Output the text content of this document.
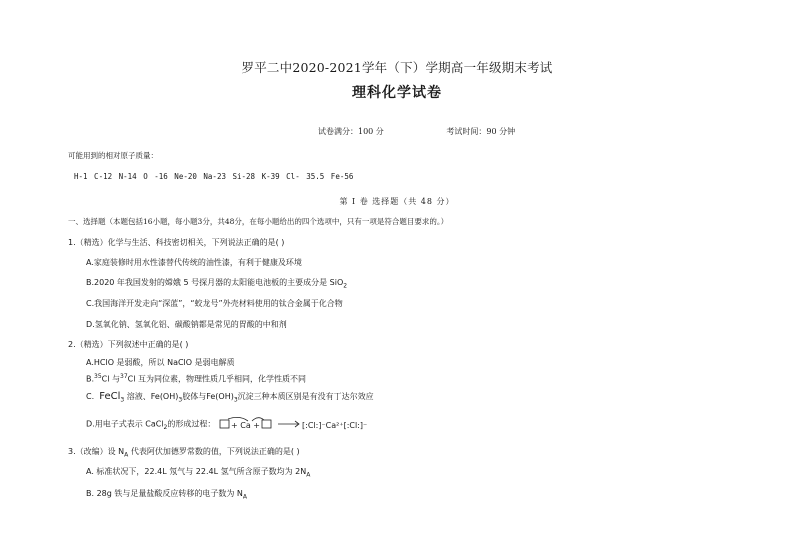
罗平二中2020-2021学年（下）学期高一年级期末考试
理科化学试卷
试卷满分：100 分	考试时间：90 分钟
可能用到的相对原子质量：
H-1 C-12 N-14 O -16 Ne-20 Na-23 Si-28 K-39 Cl- 35.5 Fe-56
第 Ⅰ 卷 选择题（共 48 分）
一、选择题（本题包括16小题，每小题3分，共48分，在每小题给出的四个选项中，只有一项是符合题目要求的。）
1.（精选）化学与生活、科技密切相关，下列说法正确的是( )
A.家庭装修时用水性漆替代传统的油性漆，有利于健康及环境
B.2020 年我国发射的嫦娥 5 号探月器的太阳能电池板的主要成分是 SiO$_2$
C.我国海洋开发走向“深蓝”，“蛟龙号”外壳材料使用的钛合金属于化合物
D.氢氧化钠、氢氧化铝、碳酸钠都是常见的胃酸的中和剂
2.（精选）下列叙述中正确的是( )
A.HClO 是弱酸，所以 NaClO 是弱电解质
B.$^{35}$Cl 与$^{37}$Cl 互为同位素，物理性质几乎相同，化学性质不同
C. FeCl$_3$ 溶液、$Fe(OH)_3$胶体与$Fe(OH)_3$沉淀三种本质区别是有没有丁达尔效应
D.用电子式表示 CaCl$_2$的形成过程： + Ca +	[:Cl:]⁻Ca²⁺[:Cl:]⁻
3.（改编）设 $N_A$ 代表阿伏加德罗常数的值，下列说法正确的是( )
A. 标准状况下，22.4L 氖气与 22.4L 氢气所含原子数均为 $2N_A$
B. 28g 铁与足量盐酸反应转移的电子数为 $N_A$
